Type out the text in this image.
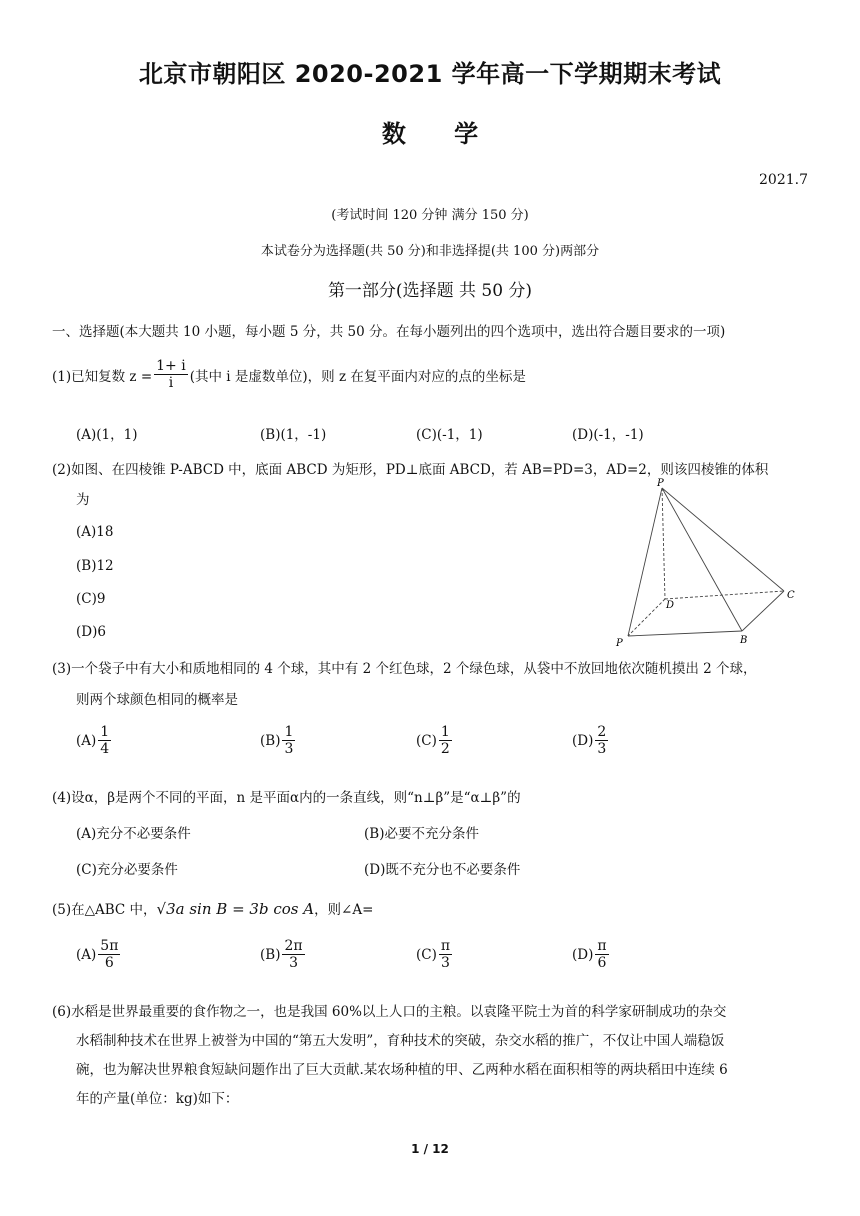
北京市朝阳区 2020-2021 学年高一下学期期末考试
数 学
2021.7
(考试时间 120 分钟 满分 150 分)
本试卷分为选择题(共 50 分)和非选择提(共 100 分)两部分
第一部分(选择题 共 50 分)
一、选择题(本大题共 10 小题，每小题 5 分，共 50 分。在每小题列出的四个选项中，选出符合题目要求的一项)
(1)已知复数 $z = \frac{1+ i}{i}$ (其中 i 是虚数单位)，则 z 在复平面内对应的点的坐标是
(A)(1，1)	(B)(1，-1)	(C)(-1，1)	(D)(-1，-1)
(2)如图、在四棱锥 P-ABCD 中，底面 ABCD 为矩形，PD⊥底面 ABCD，若 AB=PD=3，AD=2，则该四棱锥的体积
为
(A)18
(B)12
(C)9
(D)6
P
C
D
B
P
(3)一个袋子中有大小和质地相同的 4 个球，其中有 2 个红色球，2 个绿色球，从袋中不放回地依次随机摸出 2 个球，
则两个球颜色相同的概率是
$(A) \frac{1}{4}$	$(B) \frac{1}{3}$	$(C) \frac{1}{2}$	$(D) \frac{2}{3}$
(4)设α，β是两个不同的平面，n 是平面α内的一条直线，则“n⊥β”是“α⊥β”的
(A)充分不必要条件	(B)必要不充分条件
(C)充分必要条件	(D)既不充分也不必要条件
(5)在△ABC 中，√3a sin B = 3b cos A，则∠A=
$(A) \frac{5\pi}{6}$	$(B) \frac{2\pi}{3}$	$(C) \frac{\pi}{3}$	$(D) \frac{\pi}{6}$
(6)水稻是世界最重要的食作物之一，也是我国 60%以上人口的主粮。以袁隆平院士为首的科学家研制成功的杂交
水稻制种技术在世界上被誉为中国的“第五大发明”，育种技术的突破，杂交水稻的推广，不仅让中国人端稳饭
碗，也为解决世界粮食短缺问题作出了巨大贡献.某农场种植的甲、乙两种水稻在面积相等的两块稻田中连续 6
年的产量(单位：kg)如下：
1 / 12
